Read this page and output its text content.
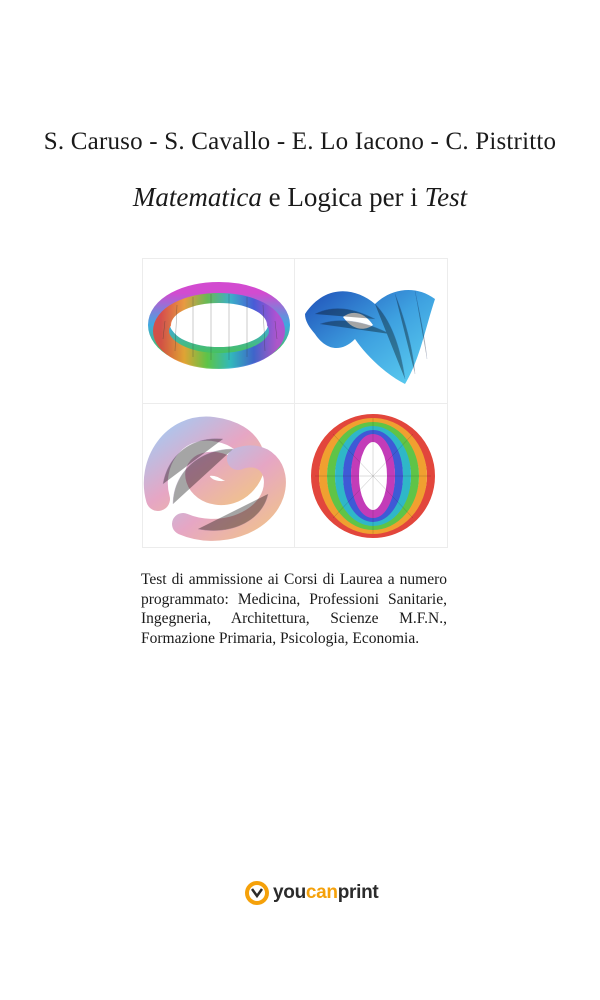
S. Caruso - S. Cavallo - E. Lo Iacono - C. Pistritto
Matematica e Logica per i Test
Test di ammissione ai Corsi di Laurea a numero programmato: Medicina, Professioni Sanitarie, Ingegneria, Architettura, Scienze M.F.N., Formazione Primaria, Psicologia, Economia.
youcanprint
